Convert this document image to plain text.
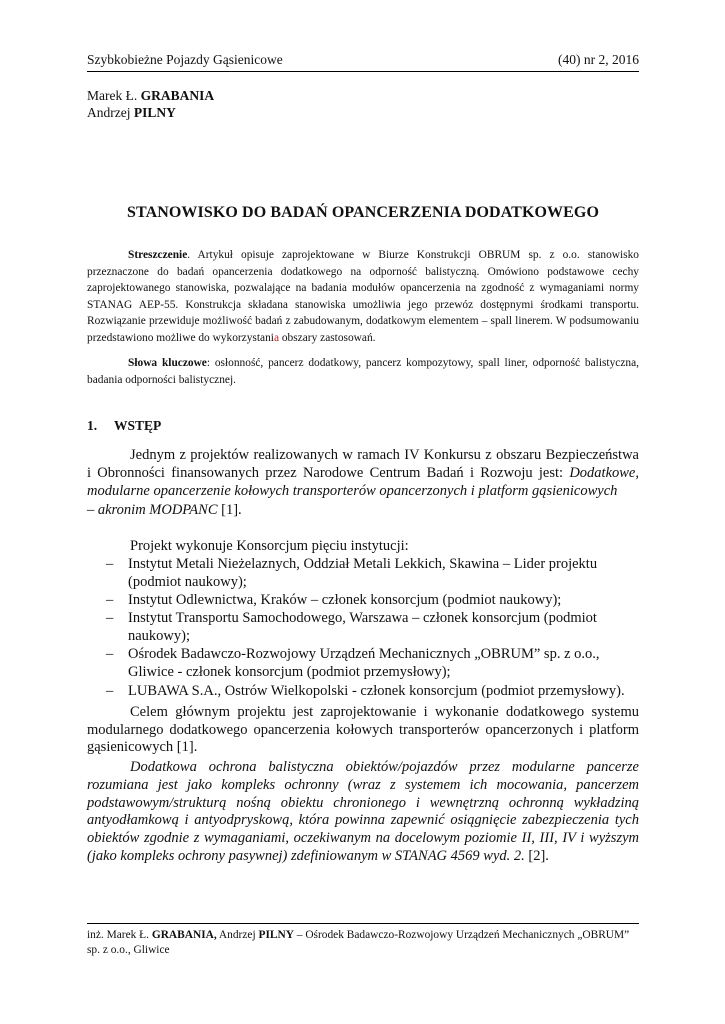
Szybkobieżne Pojazdy Gąsienicowe	(40) nr 2, 2016
Marek Ł. GRABANIA
Andrzej PILNY
STANOWISKO DO BADAŃ OPANCERZENIA DODATKOWEGO
Streszczenie. Artykuł opisuje zaprojektowane w Biurze Konstrukcji OBRUM sp. z o.o. stanowisko przeznaczone do badań opancerzenia dodatkowego na odporność balistyczną. Omówiono podstawowe cechy zaprojektowanego stanowiska, pozwalające na badania modułów opancerzenia na zgodność z wymaganiami normy STANAG AEP-55. Konstrukcja składana stanowiska umożliwia jego przewóz dostępnymi środkami transportu. Rozwiązanie przewiduje możliwość badań z zabudowanym, dodatkowym elementem – spall linerem. W podsumowaniu przedstawiono możliwe do wykorzystania obszary zastosowań.
Słowa kluczowe: osłonność, pancerz dodatkowy, pancerz kompozytowy, spall liner, odporność balistyczna, badania odporności balistycznej.
1. WSTĘP
Jednym z projektów realizowanych w ramach IV Konkursu z obszaru Bezpieczeństwa i Obronności finansowanych przez Narodowe Centrum Badań i Rozwoju jest: Dodatkowe, modularne opancerzenie kołowych transporterów opancerzonych i platform gąsienicowych
– akronim MODPANC [1].
Projekt wykonuje Konsorcjum pięciu instytucji:
– Instytut Metali Nieżelaznych, Oddział Metali Lekkich, Skawina – Lider projektu (podmiot naukowy);
– Instytut Odlewnictwa, Kraków – członek konsorcjum (podmiot naukowy);
– Instytut Transportu Samochodowego, Warszawa – członek konsorcjum (podmiot naukowy);
– Ośrodek Badawczo-Rozwojowy Urządzeń Mechanicznych „OBRUM” sp. z o.o., Gliwice - członek konsorcjum (podmiot przemysłowy);
– LUBAWA S.A., Ostrów Wielkopolski - członek konsorcjum (podmiot przemysłowy).
Celem głównym projektu jest zaprojektowanie i wykonanie dodatkowego systemu modularnego dodatkowego opancerzenia kołowych transporterów opancerzonych i platform gąsienicowych [1].
Dodatkowa ochrona balistyczna obiektów/pojazdów przez modularne pancerze rozumiana jest jako kompleks ochronny (wraz z systemem ich mocowania, pancerzem podstawowym/strukturą nośną obiektu chronionego i wewnętrzną ochronną wykładziną antyodłamkową i antyodpryskową, która powinna zapewnić osiągnięcie zabezpieczenia tych obiektów zgodnie z wymaganiami, oczekiwanym na docelowym poziomie II, III, IV i wyższym (jako kompleks ochrony pasywnej) zdefiniowanym w STANAG 4569 wyd. 2. [2].
inż. Marek Ł. GRABANIA, Andrzej PILNY – Ośrodek Badawczo-Rozwojowy Urządzeń Mechanicznych „OBRUM” sp. z o.o., Gliwice
